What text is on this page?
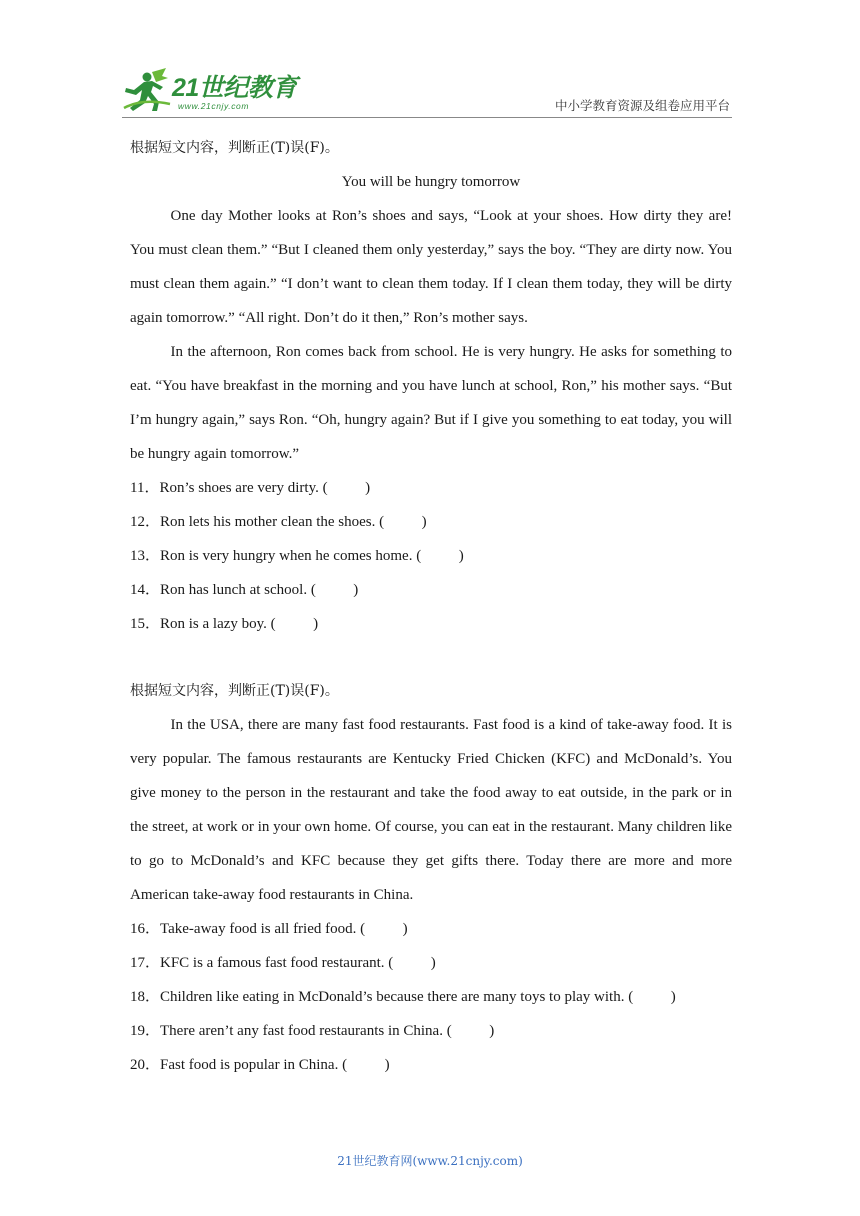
21世纪教育
www.21cnjy.com	中小学教育资源及组卷应用平台

根据短文内容，判断正(T)误(F)。

You will be hungry tomorrow

One day Mother looks at Ron’s shoes and says, “Look at your shoes. How dirty they are! You must clean them.” “But I cleaned them only yesterday,” says the boy. “They are dirty now. You must clean them again.” “I don’t want to clean them today. If I clean them today, they will be dirty again tomorrow.” “All right. Don’t do it then,” Ron’s mother says.

In the afternoon, Ron comes back from school. He is very hungry. He asks for something to eat. “You have breakfast in the morning and you have lunch at school, Ron,” his mother says. “But I’m hungry again,” says Ron. “Oh, hungry again? But if I give you something to eat today, you will be hungry again tomorrow.”

11．Ron’s shoes are very dirty. (          )

12．Ron lets his mother clean the shoes. (          )

13．Ron is very hungry when he comes home. (          )

14．Ron has lunch at school. (          )

15．Ron is a lazy boy. (          )

根据短文内容，判断正(T)误(F)。

In the USA, there are many fast food restaurants. Fast food is a kind of take-away food. It is very popular. The famous restaurants are Kentucky Fried Chicken (KFC) and McDonald’s. You give money to the person in the restaurant and take the food away to eat outside, in the park or in the street, at work or in your own home. Of course, you can eat in the restaurant. Many children like to go to McDonald’s and KFC because they get gifts there. Today there are more and more American take-away food restaurants in China.

16．Take-away food is all fried food. (          )

17．KFC is a famous fast food restaurant. (          )

18．Children like eating in McDonald’s because there are many toys to play with. (          )

19．There aren’t any fast food restaurants in China. (          )

20．Fast food is popular in China. (          )

21世纪教育网(www.21cnjy.com)
